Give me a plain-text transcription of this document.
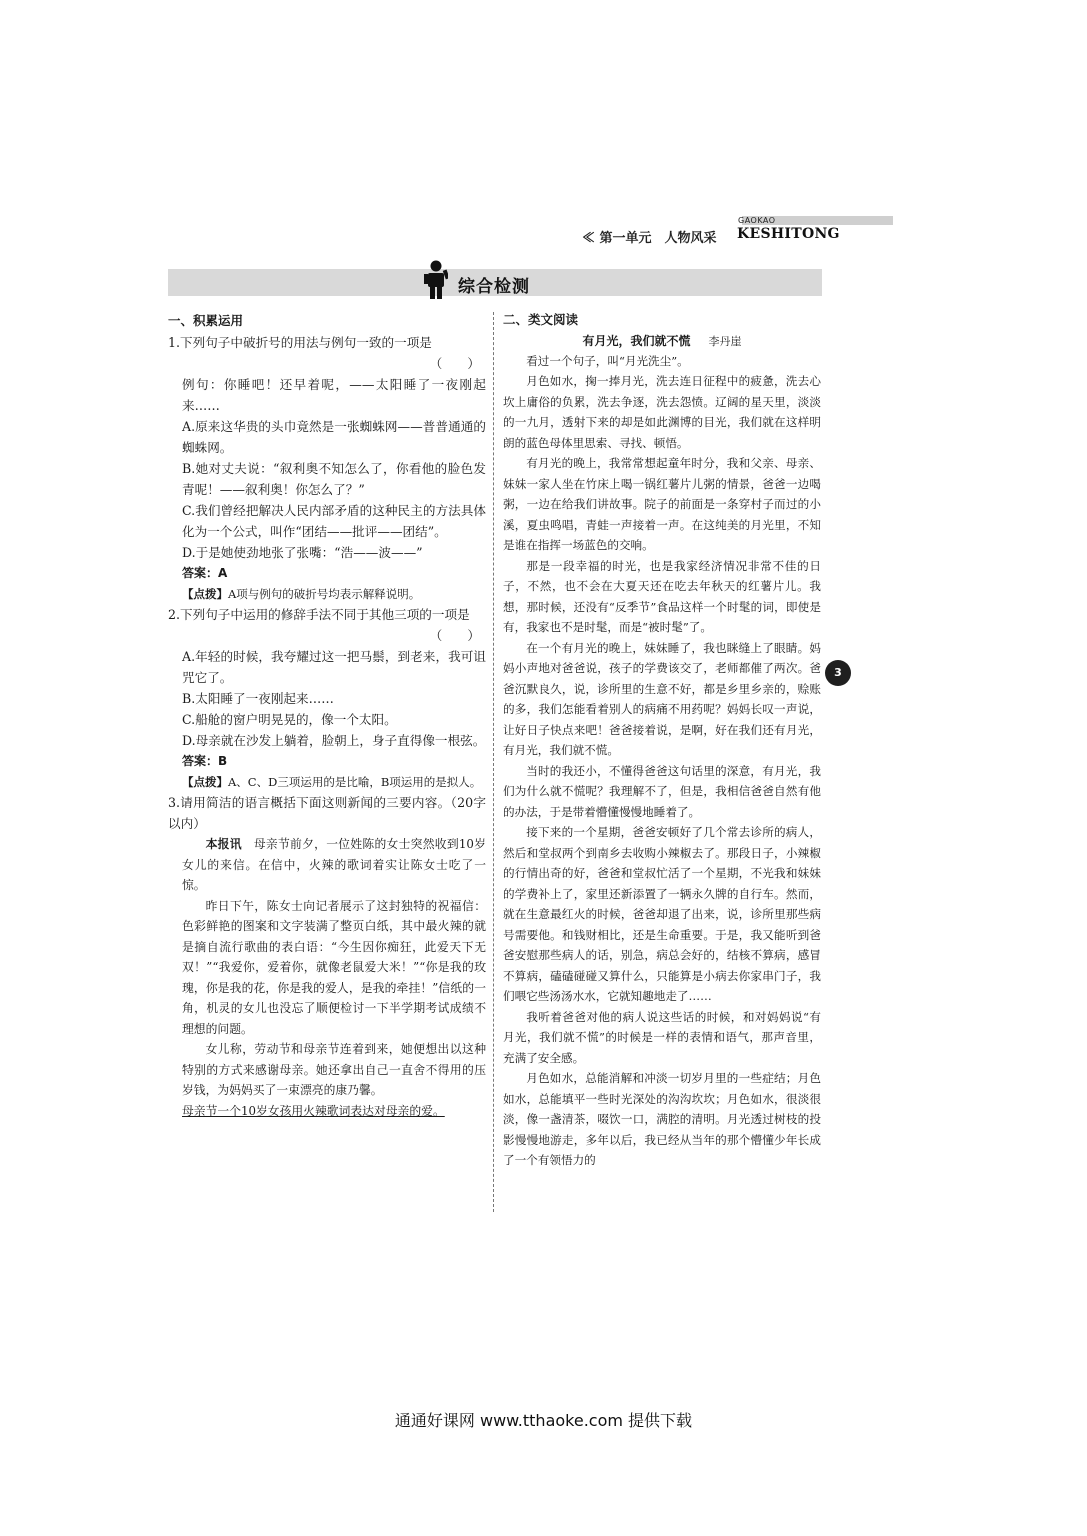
GAOKAO
≪ 第一单元　人物风采 KESHITONG
综合检测

一、积累运用

1.下列句子中破折号的用法与例句一致的一项是

（　　）

例句：你睡吧！还早着呢，——太阳睡了一夜刚起来……

A.原来这华贵的头巾竟然是一张蜘蛛网——普普通通的蜘蛛网。

B.她对丈夫说：“叙利奥不知怎么了，你看他的脸色发青呢！——叙利奥！你怎么了？”

C.我们曾经把解决人民内部矛盾的这种民主的方法具体化为一个公式，叫作“团结——批评——团结”。

D.于是她使劲地张了张嘴：“浩——波——”

答案：A

【点拨】A项与例句的破折号均表示解释说明。

2.下列句子中运用的修辞手法不同于其他三项的一项是

（　　）

A.年轻的时候，我夸耀过这一把马鬃，到老来，我可诅咒它了。

B.太阳睡了一夜刚起来……

C.船舱的窗户明晃晃的，像一个太阳。

D.母亲就在沙发上躺着，脸朝上，身子直得像一根弦。

答案：B

【点拨】A、C、D三项运用的是比喻，B项运用的是拟人。

3.请用简洁的语言概括下面这则新闻的三要内容。（20字以内）

本报讯　 母亲节前夕，一位姓陈的女士突然收到10岁女儿的来信。在信中，火辣的歌词着实让陈女士吃了一惊。

昨日下午，陈女士向记者展示了这封独特的祝福信：色彩鲜艳的图案和文字装满了整页白纸，其中最火辣的就是摘自流行歌曲的表白语：“今生因你痴狂，此爱天下无双！”“我爱你，爱着你，就像老鼠爱大米！”“你是我的玫瑰，你是我的花，你是我的爱人，是我的牵挂！”信纸的一角，机灵的女儿也没忘了顺便检讨一下半学期考试成绩不理想的问题。

女儿称，劳动节和母亲节连着到来，她便想出以这种特别的方式来感谢母亲。她还拿出自己一直舍不得用的压岁钱，为妈妈买了一束漂亮的康乃馨。

母亲节一个10岁女孩用火辣歌词表达对母亲的爱。

二、类文阅读

有月光，我们就不慌 李丹崖

看过一个句子，叫“月光洗尘”。

月色如水，掬一捧月光，洗去连日征程中的疲惫，洗去心坎上庸俗的负累，洗去争逐，洗去怨愤。辽阔的星天里，淡淡的一九月，透射下来的却是如此渊博的目光，我们就在这样明朗的蓝色母体里思索、寻找、顿悟。

有月光的晚上，我常常想起童年时分，我和父亲、母亲、妹妹一家人坐在竹床上喝一锅红薯片儿粥的情景，爸爸一边喝粥，一边在给我们讲故事。院子的前面是一条穿村子而过的小溪，夏虫鸣唱，青蛙一声接着一声。在这纯美的月光里，不知是谁在指挥一场蓝色的交响。

那是一段幸福的时光，也是我家经济情况非常不佳的日子，不然，也不会在大夏天还在吃去年秋天的红薯片儿。我想，那时候，还没有“反季节”食品这样一个时髦的词，即使是有，我家也不是时髦，而是“被时髦”了。

在一个有月光的晚上，妹妹睡了，我也眯缝上了眼睛。妈妈小声地对爸爸说，孩子的学费该交了，老师都催了两次。爸爸沉默良久，说，诊所里的生意不好，都是乡里乡亲的，赊账的多，我们怎能看着别人的病痛不用药呢？妈妈长叹一声说，让好日子快点来吧！爸爸接着说，是啊，好在我们还有月光，有月光，我们就不慌。

当时的我还小，不懂得爸爸这句话里的深意，有月光，我们为什么就不慌呢？我理解不了，但是，我相信爸爸自然有他的办法，于是带着懵懂慢慢地睡着了。

接下来的一个星期，爸爸安顿好了几个常去诊所的病人，然后和堂叔两个到南乡去收购小辣椒去了。那段日子，小辣椒的行情出奇的好，爸爸和堂叔忙活了一个星期，不光我和妹妹的学费补上了，家里还新添置了一辆永久牌的自行车。然而，就在生意最红火的时候，爸爸却退了出来，说，诊所里那些病号需要他。和钱财相比，还是生命重要。于是，我又能听到爸爸安慰那些病人的话，别急，病总会好的，结核不算病，感冒不算病，磕磕碰碰又算什么，只能算是小病去你家串门子，我们喂它些汤汤水水，它就知趣地走了……

我听着爸爸对他的病人说这些话的时候，和对妈妈说“有月光，我们就不慌”的时候是一样的表情和语气，那声音里，充满了安全感。

月色如水，总能消解和冲淡一切岁月里的一些症结；月色如水，总能填平一些时光深处的沟沟坎坎；月色如水，很淡很淡，像一盏清茶，啜饮一口，满腔的清明。月光透过树枝的投影慢慢地游走，多年以后，我已经从当年的那个懵懂少年长成了一个有领悟力的

3
通通好课网 www.tthaoke.com 提供下载
